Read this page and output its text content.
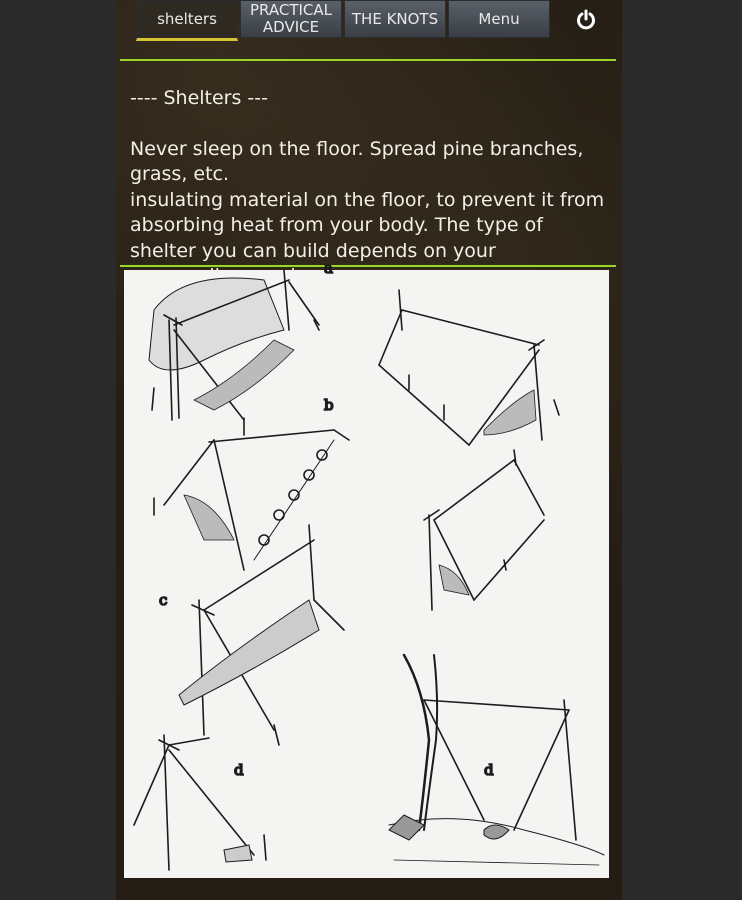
shelters	PRACTICAL
ADVICE	THE KNOTS	Menu

---- Shelters ---

Never sleep on the floor. Spread pine branches, grass, etc.
insulating material on the floor, to prevent it from absorbing heat from your body. The type of shelter you can build depends on your

a
b
c
d	d
